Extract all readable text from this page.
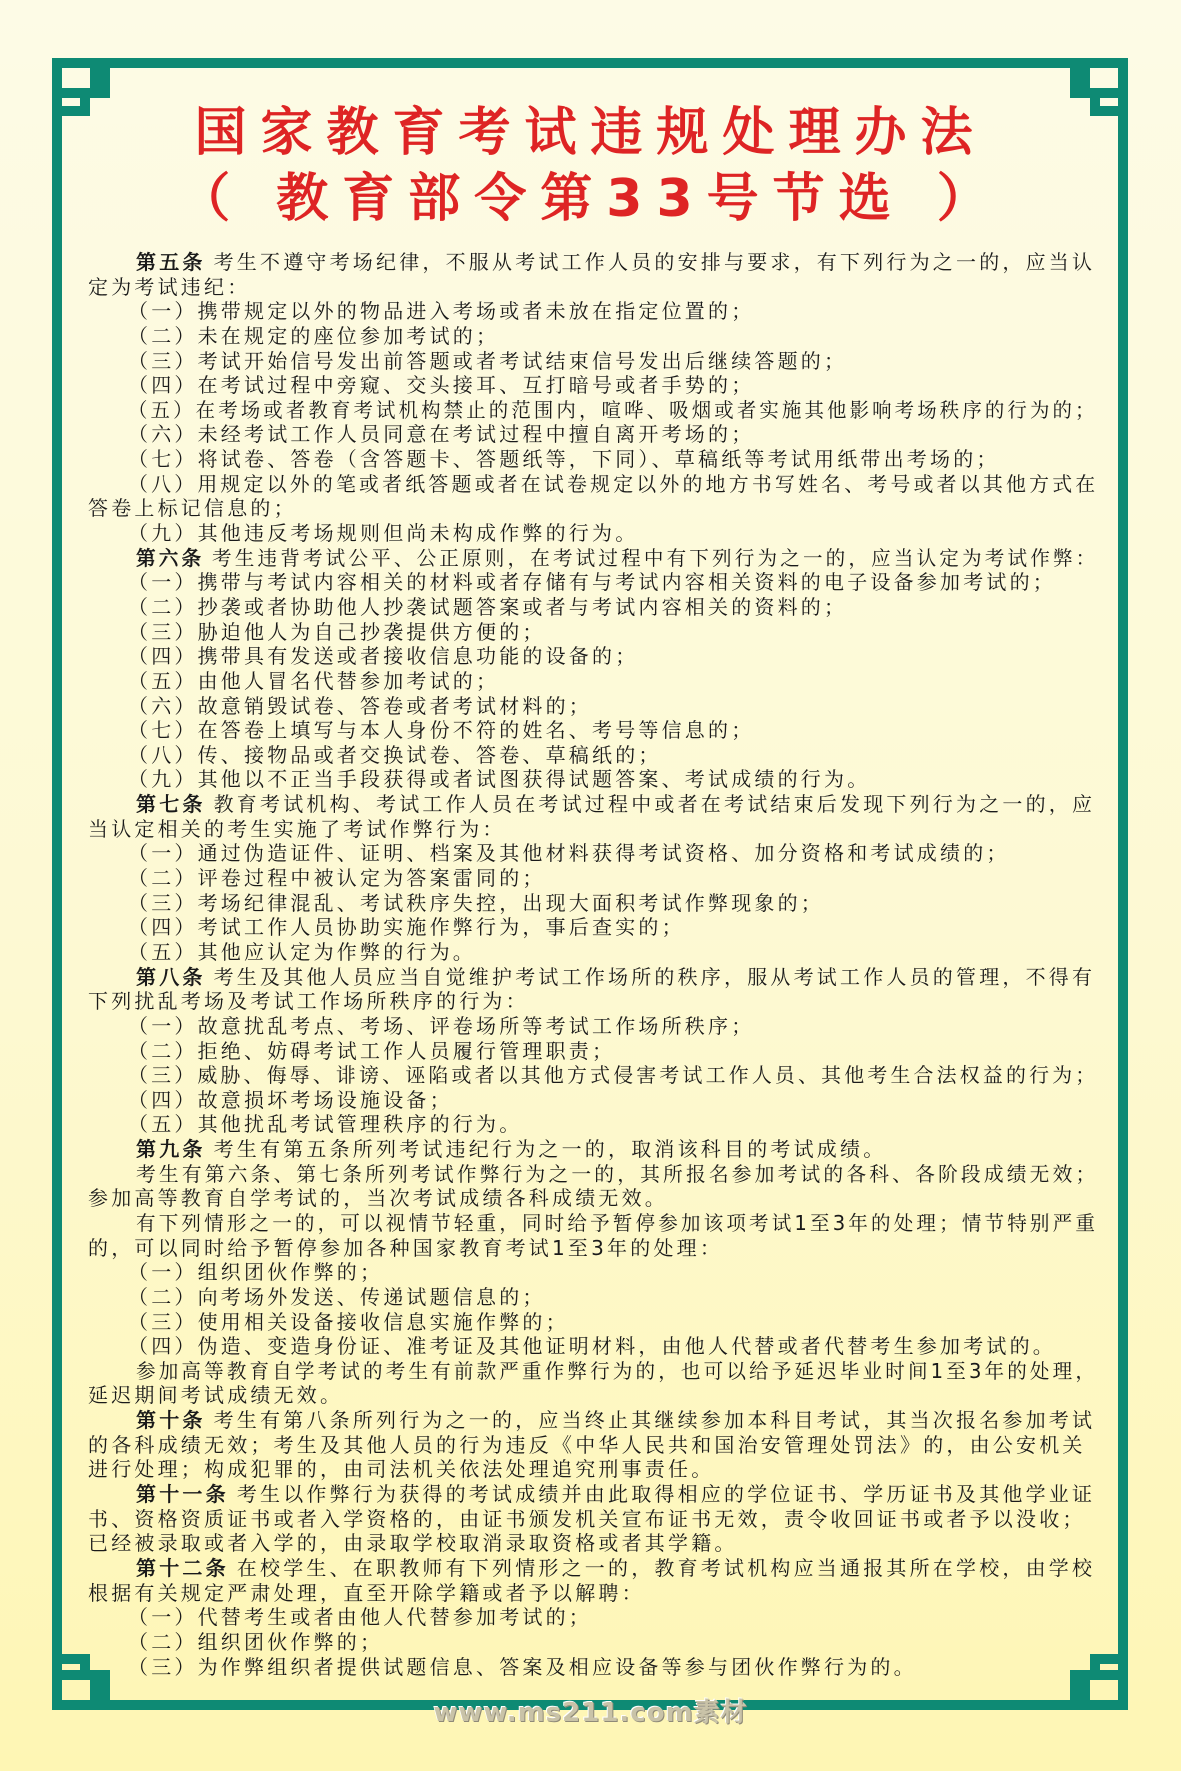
国家教育考试违规处理办法
（ 教育部令第33号节选 ）
第五条 考生不遵守考场纪律，不服从考试工作人员的安排与要求，有下列行为之一的，应当认
定为考试违纪：
（一）携带规定以外的物品进入考场或者未放在指定位置的；
（二）未在规定的座位参加考试的；
（三）考试开始信号发出前答题或者考试结束信号发出后继续答题的；
（四）在考试过程中旁窥、交头接耳、互打暗号或者手势的；
（五）在考场或者教育考试机构禁止的范围内，喧哗、吸烟或者实施其他影响考场秩序的行为的；
（六）未经考试工作人员同意在考试过程中擅自离开考场的；
（七）将试卷、答卷（含答题卡、答题纸等，下同）、草稿纸等考试用纸带出考场的；
（八）用规定以外的笔或者纸答题或者在试卷规定以外的地方书写姓名、考号或者以其他方式在
答卷上标记信息的；
（九）其他违反考场规则但尚未构成作弊的行为。
第六条 考生违背考试公平、公正原则，在考试过程中有下列行为之一的，应当认定为考试作弊：
（一）携带与考试内容相关的材料或者存储有与考试内容相关资料的电子设备参加考试的；
（二）抄袭或者协助他人抄袭试题答案或者与考试内容相关的资料的；
（三）胁迫他人为自己抄袭提供方便的；
（四）携带具有发送或者接收信息功能的设备的；
（五）由他人冒名代替参加考试的；
（六）故意销毁试卷、答卷或者考试材料的；
（七）在答卷上填写与本人身份不符的姓名、考号等信息的；
（八）传、接物品或者交换试卷、答卷、草稿纸的；
（九）其他以不正当手段获得或者试图获得试题答案、考试成绩的行为。
第七条 教育考试机构、考试工作人员在考试过程中或者在考试结束后发现下列行为之一的，应
当认定相关的考生实施了考试作弊行为：
（一）通过伪造证件、证明、档案及其他材料获得考试资格、加分资格和考试成绩的；
（二）评卷过程中被认定为答案雷同的；
（三）考场纪律混乱、考试秩序失控，出现大面积考试作弊现象的；
（四）考试工作人员协助实施作弊行为，事后查实的；
（五）其他应认定为作弊的行为。
第八条 考生及其他人员应当自觉维护考试工作场所的秩序，服从考试工作人员的管理，不得有
下列扰乱考场及考试工作场所秩序的行为：
（一）故意扰乱考点、考场、评卷场所等考试工作场所秩序；
（二）拒绝、妨碍考试工作人员履行管理职责；
（三）威胁、侮辱、诽谤、诬陷或者以其他方式侵害考试工作人员、其他考生合法权益的行为；
（四）故意损坏考场设施设备；
（五）其他扰乱考试管理秩序的行为。
第九条 考生有第五条所列考试违纪行为之一的，取消该科目的考试成绩。
考生有第六条、第七条所列考试作弊行为之一的，其所报名参加考试的各科、各阶段成绩无效；
参加高等教育自学考试的，当次考试成绩各科成绩无效。
有下列情形之一的，可以视情节轻重，同时给予暂停参加该项考试1至3年的处理；情节特别严重
的，可以同时给予暂停参加各种国家教育考试1至3年的处理：
（一）组织团伙作弊的；
（二）向考场外发送、传递试题信息的；
（三）使用相关设备接收信息实施作弊的；
（四）伪造、变造身份证、准考证及其他证明材料，由他人代替或者代替考生参加考试的。
参加高等教育自学考试的考生有前款严重作弊行为的，也可以给予延迟毕业时间1至3年的处理，
延迟期间考试成绩无效。
第十条 考生有第八条所列行为之一的，应当终止其继续参加本科目考试，其当次报名参加考试
的各科成绩无效；考生及其他人员的行为违反《中华人民共和国治安管理处罚法》的，由公安机关
进行处理；构成犯罪的，由司法机关依法处理追究刑事责任。
第十一条 考生以作弊行为获得的考试成绩并由此取得相应的学位证书、学历证书及其他学业证
书、资格资质证书或者入学资格的，由证书颁发机关宣布证书无效，责令收回证书或者予以没收；
已经被录取或者入学的，由录取学校取消录取资格或者其学籍。
第十二条 在校学生、在职教师有下列情形之一的，教育考试机构应当通报其所在学校，由学校
根据有关规定严肃处理，直至开除学籍或者予以解聘：
（一）代替考生或者由他人代替参加考试的；
（二）组织团伙作弊的；
（三）为作弊组织者提供试题信息、答案及相应设备等参与团伙作弊行为的。
www.ms211.com素材
